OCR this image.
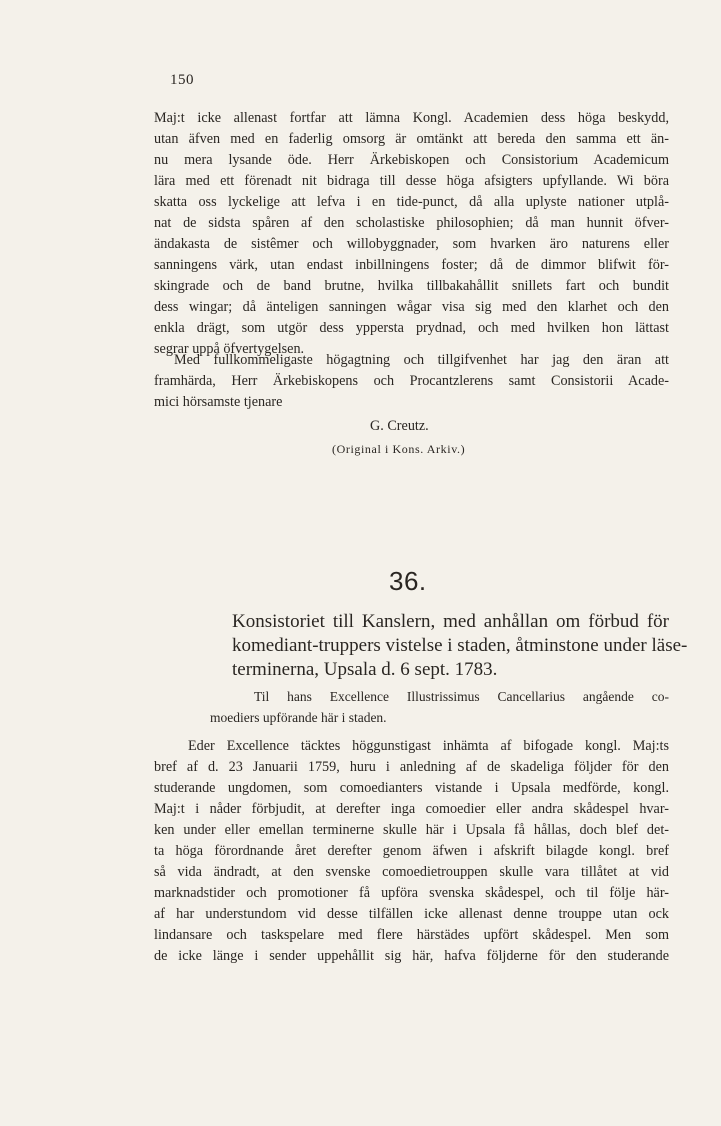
150
Maj:t icke allenast fortfar att lämna Kongl. Academien dess höga beskydd,
utan äfven med en faderlig omsorg är omtänkt att bereda den samma ett än-
nu mera lysande öde. Herr Ärkebiskopen och Consistorium Academicum
lära med ett förenadt nit bidraga till desse höga afsigters upfyllande. Wi böra
skatta oss lyckelige att lefva i en tide-punct, då alla uplyste nationer utplå-
nat de sidsta spåren af den scholastiske philosophien; då man hunnit öfver-
ändakasta de sistêmer och willobyggnader, som hvarken äro naturens eller
sanningens värk, utan endast inbillningens foster; då de dimmor blifwit för-
skingrade och de band brutne, hvilka tillbakahållit snillets fart och bundit
dess wingar; då änteligen sanningen wågar visa sig med den klarhet och den
enkla drägt, som utgör dess yppersta prydnad, och med hvilken hon lättast
segrar uppå öfvertygelsen.
Med fullkommeligaste högagtning och tillgifvenhet har jag den äran att
framhärda, Herr Ärkebiskopens och Procantzlerens samt Consistorii Acade-
mici hörsamste tjenare
G. Creutz.
(Original i Kons. Arkiv.)
36.
Konsistoriet till Kanslern, med anhållan om förbud för
komediant-truppers vistelse i staden, åtminstone under läse-
terminerna, Upsala d. 6 sept. 1783.
Til hans Excellence Illustrissimus Cancellarius angående co-
moediers upförande här i staden.
Eder Excellence täcktes höggunstigast inhämta af bifogade kongl. Maj:ts
bref af d. 23 Januarii 1759, huru i anledning af de skadeliga följder för den
studerande ungdomen, som comoedianters vistande i Upsala medförde, kongl.
Maj:t i nåder förbjudit, at derefter inga comoedier eller andra skådespel hvar-
ken under eller emellan terminerne skulle här i Upsala få hållas, doch blef det-
ta höga förordnande året derefter genom äfwen i afskrift bilagde kongl. bref
så vida ändradt, at den svenske comoedietrouppen skulle vara tillåtet at vid
marknadstider och promotioner få upföra svenska skådespel, och til följe här-
af har understundom vid desse tilfällen icke allenast denne trouppe utan ock
lindansare och taskspelare med flere härstädes upfört skådespel. Men som
de icke länge i sender uppehållit sig här, hafva följderne för den studerande
